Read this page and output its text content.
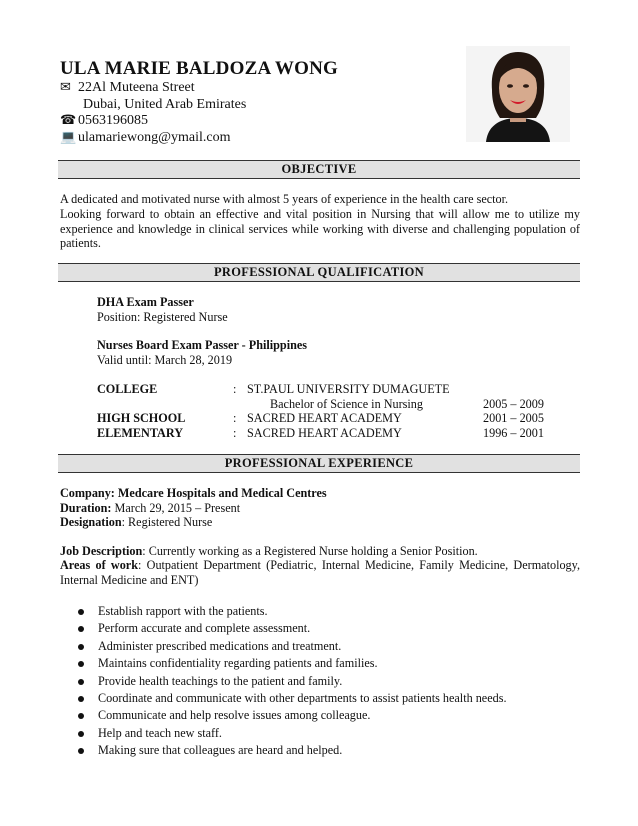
ULA MARIE BALDOZA WONG
✉ 22Al Muteena Street
Dubai, United Arab Emirates
☎ 0563196085
💻 ulamariewong@ymail.com
OBJECTIVE
A dedicated and motivated nurse with almost 5 years of experience in the health care sector.
Looking forward to obtain an effective and vital position in Nursing that will allow me to utilize my experience and knowledge in clinical services while working with diverse and challenging population of patients.
PROFESSIONAL QUALIFICATION
DHA Exam Passer
Position: Registered Nurse
Nurses Board Exam Passer - Philippines
Valid until: March 28, 2019
COLLEGE	: ST.PAUL UNIVERSITY DUMAGUETE
Bachelor of Science in Nursing	2005 – 2009
HIGH SCHOOL	: SACRED HEART ACADEMY	2001 – 2005
ELEMENTARY	: SACRED HEART ACADEMY	1996 – 2001
PROFESSIONAL EXPERIENCE
Company: Medcare Hospitals and Medical Centres
Duration: March 29, 2015 – Present
Designation: Registered Nurse
Job Description: Currently working as a Registered Nurse holding a Senior Position.
Areas of work: Outpatient Department (Pediatric, Internal Medicine, Family Medicine, Dermatology, Internal Medicine and ENT)
Establish rapport with the patients.
Perform accurate and complete assessment.
Administer prescribed medications and treatment.
Maintains confidentiality regarding patients and families.
Provide health teachings to the patient and family.
Coordinate and communicate with other departments to assist patients health needs.
Communicate and help resolve issues among colleague.
Help and teach new staff.
Making sure that colleagues are heard and helped.
